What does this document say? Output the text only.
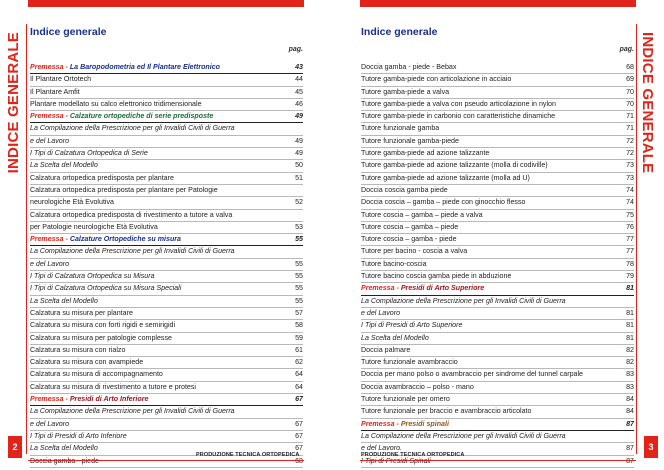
INDICE GENERALE Indice generale
pag.
Premessa - La Baropodometria ed Il Plantare Elettronico	43
Il Plantare Ortotech	44
Il Plantare Amfit	45
Plantare modellato su calco elettronico tridimensionale	46
Premessa - Calzature ortopediche di serie predisposte	49
La Compilazione della Prescrizione per gli Invalidi Civili di Guerra
e del Lavoro	49
I Tipi di Calzatura Ortopedica di Serie	49
La Scelta del Modello	50
Calzatura ortopedica predisposta per plantare	51
Calzatura ortopedica predisposta per plantare per Patologie
neurologiche Età Evolutiva	52
Calzatura ortopedica predisposta di rivestimento a tutore a valva
per Patologie neurologiche Età Evolutiva	53
Premessa - Calzature Ortopediche su misura	55
La Compilazione della Prescrizione per gli Invalidi Civili di Guerra
e del Lavoro	55
I Tipi di Calzatura Ortopedica su Misura	55
I Tipi di Calzatura Ortopedica su Misura Speciali	55
La Scelta del Modello	55
Calzatura su misura per plantare	57
Calzatura su misura con forti rigidi e semirigidi	58
Calzatura su misura per patologie complesse	59
Calzatura su misura con rialzo	61
Calzatura su misura con avampiede	62
Calzatura su misura di accompagnamento	64
Calzatura su misura di rivestimento a tutore e protesi	64
Premessa - Presidi di Arto Inferiore	67
La Compilazione della Prescrizione per gli Invalidi Civili di Guerra
e del Lavoro	67
I Tipi di Presidi di Arto Inferiore	67
La Scelta del Modello	67
2
PRODUZIONE TECNICA ORTOPEDICA
INDICE GENERALE
Indice generale
pag.
Doccia gamba - piede - Bebax	68
Tutore gamba-piede con articolazione in acciaio	69
Tutore gamba-piede a valva	70
Tutore gamba-piede a valva con pseudo articolazione in nylon	70
Tutore gamba-piede in carbonio con caratteristiche dinamiche	71
Tutore funzionale gamba	71
Tutore funzionale gamba-piede	72
Tutore gamba-piede ad azione talizzante	72
Tutore gamba-piede ad azione talizzante (molla di codiville)	73
Tutore gamba-piede ad azione talizzante (molla ad U)	73
Doccia coscia gamba piede	74
Doccia coscia – gamba – piede con ginocchio flesso	74
Tutore coscia – gamba – piede a valva	75
Tutore coscia – gamba – piede	76
Tutore coscia – gamba - piede	77
Tutore per bacino - coscia a valva	77
Tutore bacino-coscia	78
Tutore bacino coscia gamba piede in abduzione	79
Premessa - Presidi di Arto Superiore	81
La Compilazione della Prescrizione per gli Invalidi Civili di Guerra
e del Lavoro	81
I Tipi di Presidi di Arto Superiore	81
La Scelta del Modello	81
Doccia palmare	82
Tutore funzionale avambraccio	82
Doccia per mano polso o avambraccio per sindrome del tunnel carpale	83
Doccia avambraccio – polso - mano	83
Tutore funzionale per omero	84
Tutore funzionale per braccio e avambraccio articolato	84
Premessa - Presidi spinali	87
La Compilazione della Prescrizione per gli Invalidi Civili di Guerra
e del Lavoro.	87	3
PRODUZIONE TECNICA ORTOPEDICA
